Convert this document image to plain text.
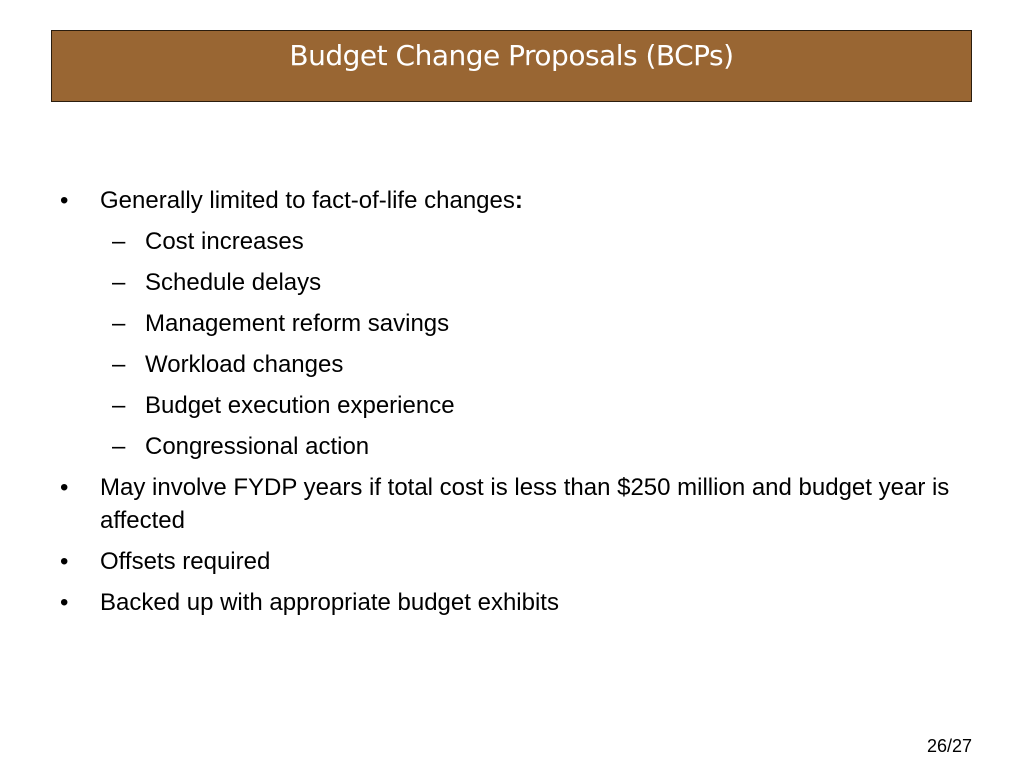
Budget Change Proposals (BCPs)
• Generally limited to fact-of-life changes:
– Cost increases
– Schedule delays
– Management reform savings
– Workload changes
– Budget execution experience
– Congressional action
• May involve FYDP years if total cost is less than $250 million and budget year is affected
• Offsets required
• Backed up with appropriate budget exhibits
26/27
